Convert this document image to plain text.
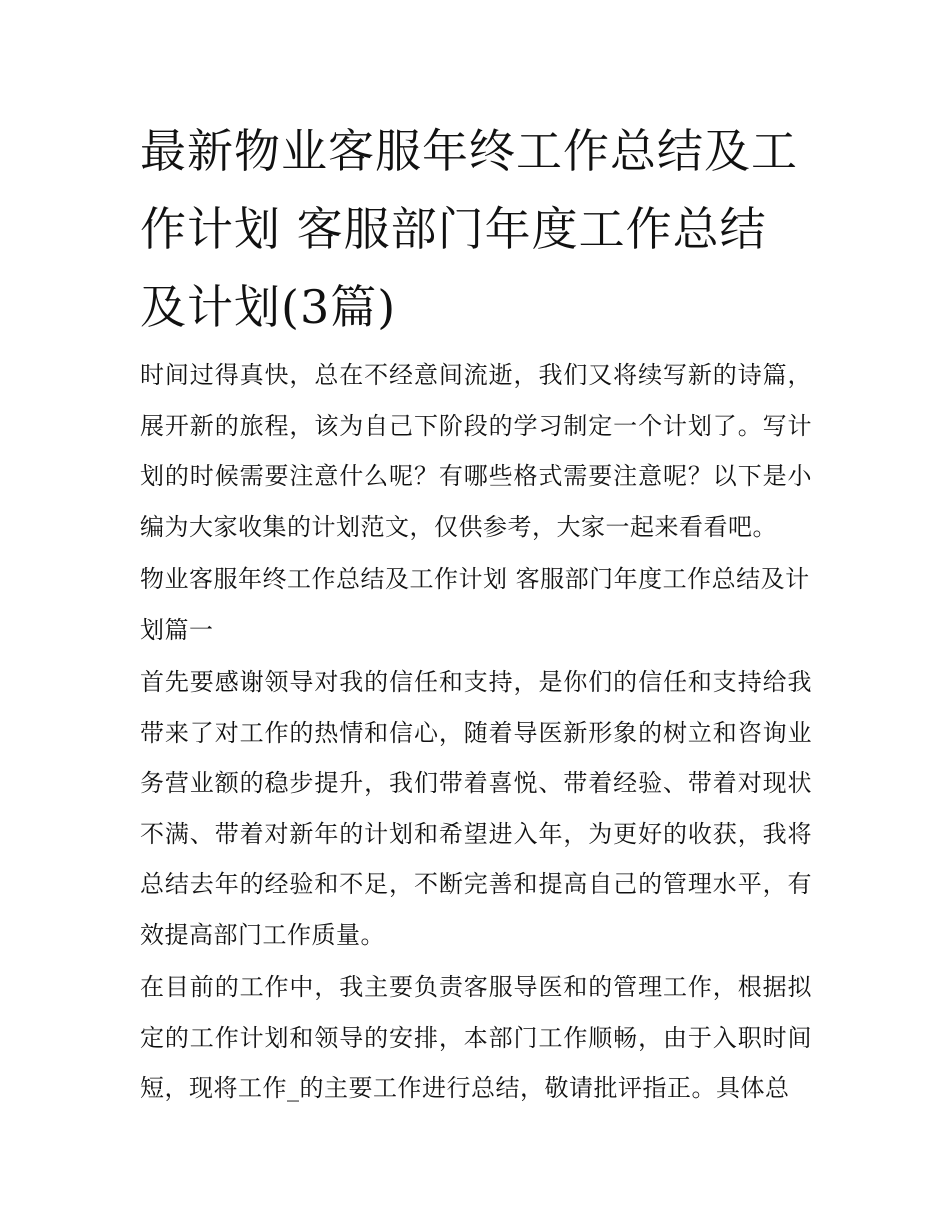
最新物业客服年终工作总结及工作计划 客服部门年度工作总结及计划(3篇)

时间过得真快，总在不经意间流逝，我们又将续写新的诗篇，展开新的旅程，该为自己下阶段的学习制定一个计划了。写计划的时候需要注意什么呢？有哪些格式需要注意呢？以下是小编为大家收集的计划范文，仅供参考，大家一起来看看吧。

物业客服年终工作总结及工作计划 客服部门年度工作总结及计划篇一

首先要感谢领导对我的信任和支持，是你们的信任和支持给我带来了对工作的热情和信心，随着导医新形象的树立和咨询业务营业额的稳步提升，我们带着喜悦、带着经验、带着对现状不满、带着对新年的计划和希望进入年，为更好的收获，我将总结去年的经验和不足，不断完善和提高自己的管理水平，有效提高部门工作质量。

在目前的工作中，我主要负责客服导医和的管理工作，根据拟定的工作计划和领导的安排，本部门工作顺畅，由于入职时间短，现将工作_的主要工作进行总结，敬请批评指正。具体总
